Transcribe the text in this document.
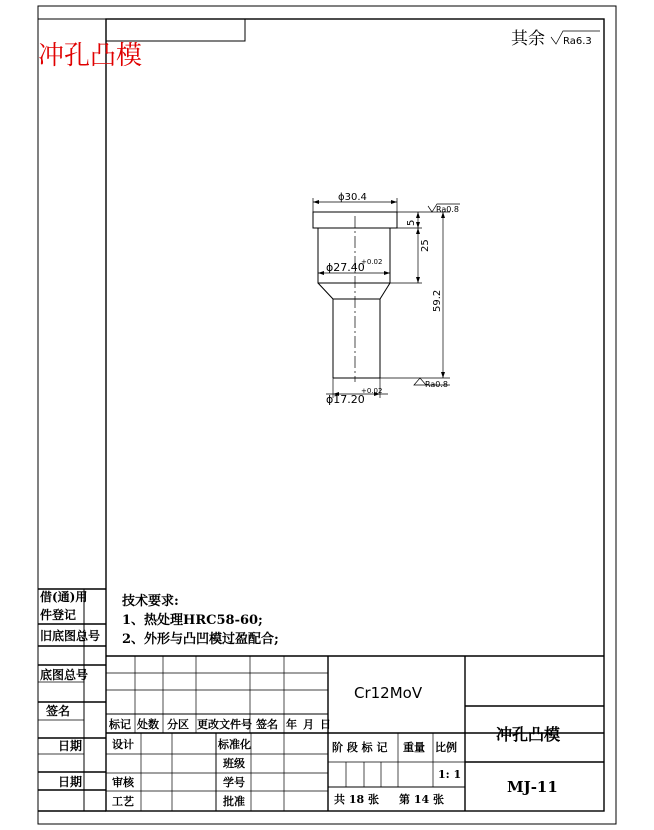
冲孔凸模
其余 Ra6.3
ϕ30.4
5
25
59.2
Ra0.8
ϕ27.40
+0.02
ϕ17.20
+0.02
Ra0.8
技术要求:
1、热处理HRC58-60;
2、外形与凸凹模过盈配合;
借(通)用
件登记
旧底图总号
底图总号
签名
日期
日期
Cr12MoV
冲孔凸模
MJ-11
标记 处数 分区 更改文件号 签名 年 月 日
设计	标准化
班级
审核	学号
工艺	批准
阶 段 标 记 重量 比例
1: 1
共 18 张 第 14 张
